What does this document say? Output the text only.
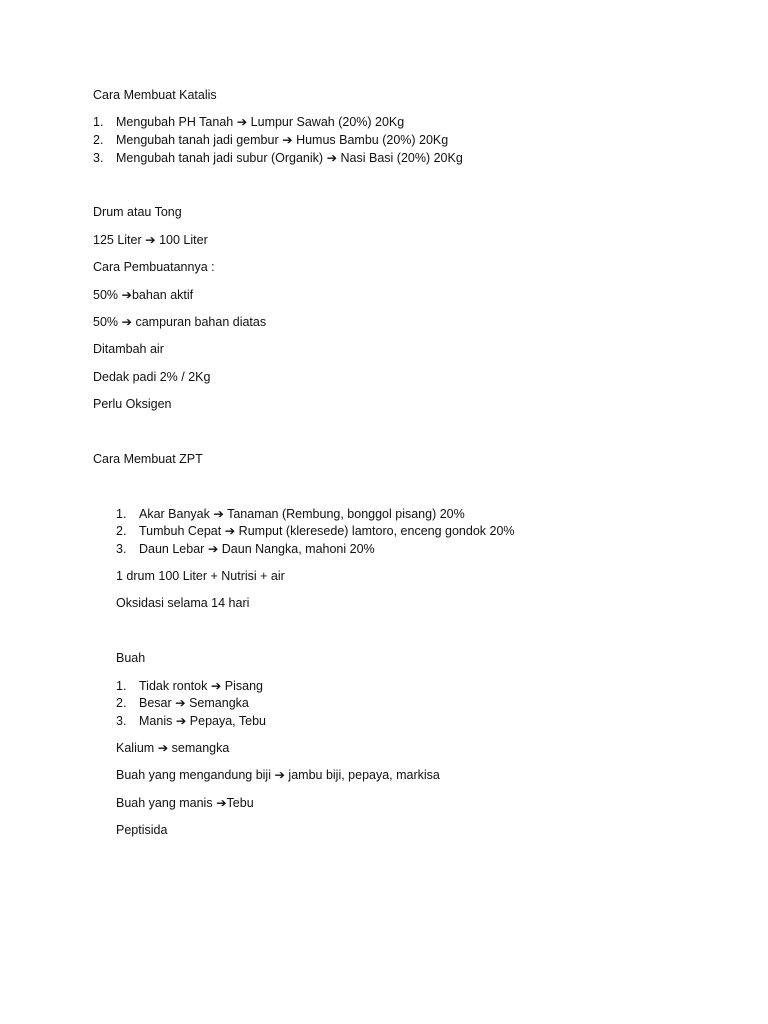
Cara Membuat Katalis
1. Mengubah PH Tanah ➔ Lumpur Sawah (20%) 20Kg
2. Mengubah tanah jadi gembur ➔ Humus Bambu (20%) 20Kg
3. Mengubah tanah jadi subur (Organik) ➔ Nasi Basi (20%) 20Kg
Drum atau Tong
125 Liter ➔ 100 Liter
Cara Pembuatannya :
50% ➔bahan aktif
50% ➔ campuran bahan diatas
Ditambah air
Dedak padi 2% / 2Kg
Perlu Oksigen
Cara Membuat ZPT
1. Akar Banyak ➔ Tanaman (Rembung, bonggol pisang) 20%
2. Tumbuh Cepat ➔ Rumput (kleresede) lamtoro, enceng gondok 20%
3. Daun Lebar ➔ Daun Nangka, mahoni 20%
1 drum 100 Liter + Nutrisi + air
Oksidasi selama 14 hari
Buah
1. Tidak rontok ➔ Pisang
2. Besar ➔ Semangka
3. Manis ➔ Pepaya, Tebu
Kalium ➔ semangka
Buah yang mengandung biji ➔ jambu biji, pepaya, markisa
Buah yang manis ➔Tebu
Peptisida
